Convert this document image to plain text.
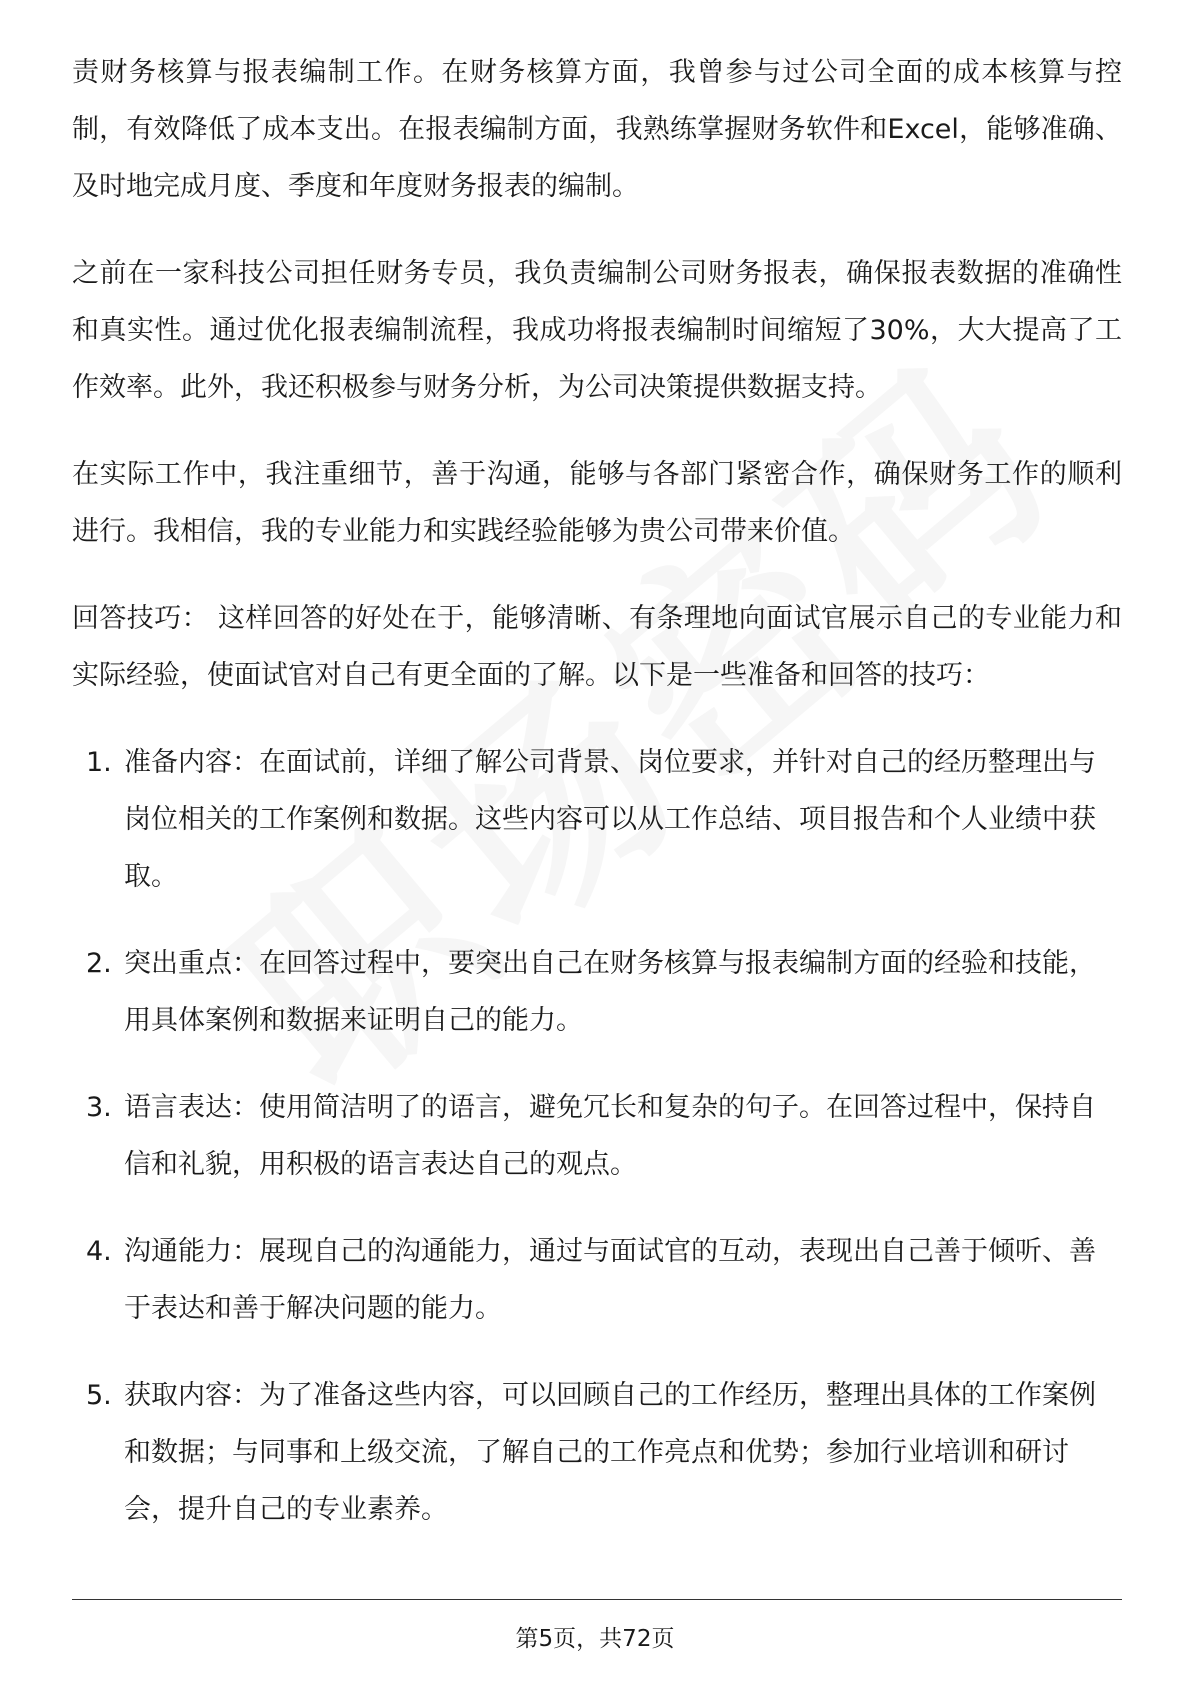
责财务核算与报表编制工作。在财务核算方面，我曾参与过公司全面的成本核算与控制，有效降低了成本支出。在报表编制方面，我熟练掌握财务软件和Excel，能够准确、及时地完成月度、季度和年度财务报表的编制。

之前在一家科技公司担任财务专员，我负责编制公司财务报表，确保报表数据的准确性和真实性。通过优化报表编制流程，我成功将报表编制时间缩短了30%，大大提高了工作效率。此外，我还积极参与财务分析，为公司决策提供数据支持。

在实际工作中，我注重细节，善于沟通，能够与各部门紧密合作，确保财务工作的顺利进行。我相信，我的专业能力和实践经验能够为贵公司带来价值。

回答技巧： 这样回答的好处在于，能够清晰、有条理地向面试官展示自己的专业能力和实际经验，使面试官对自己有更全面的了解。以下是一些准备和回答的技巧：

1. 准备内容：在面试前，详细了解公司背景、岗位要求，并针对自己的经历整理出与岗位相关的工作案例和数据。这些内容可以从工作总结、项目报告和个人业绩中获取。
2. 突出重点：在回答过程中，要突出自己在财务核算与报表编制方面的经验和技能，用具体案例和数据来证明自己的能力。
3. 语言表达：使用简洁明了的语言，避免冗长和复杂的句子。在回答过程中，保持自信和礼貌，用积极的语言表达自己的观点。
4. 沟通能力：展现自己的沟通能力，通过与面试官的互动，表现出自己善于倾听、善于表达和善于解决问题的能力。
5. 获取内容：为了准备这些内容，可以回顾自己的工作经历，整理出具体的工作案例和数据；与同事和上级交流，了解自己的工作亮点和优势；参加行业培训和研讨会，提升自己的专业素养。
第5页，共72页
